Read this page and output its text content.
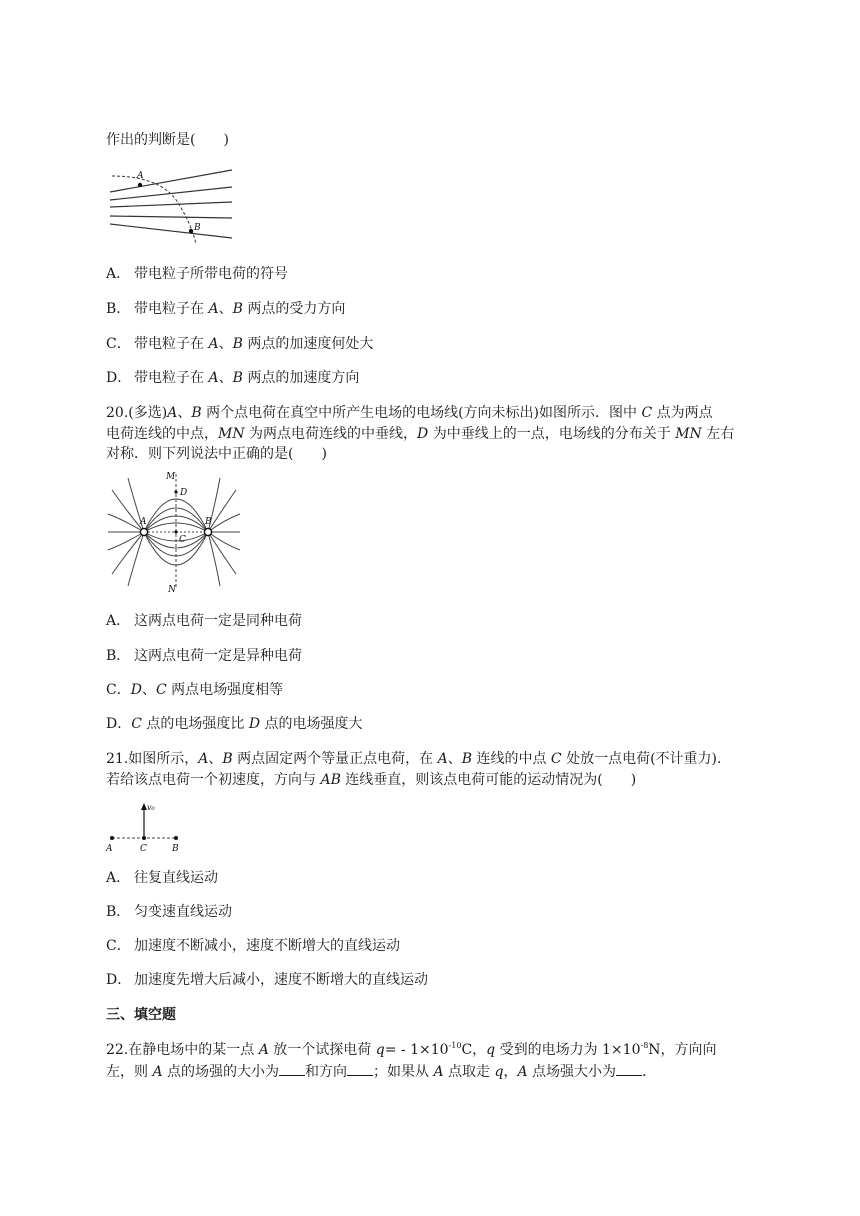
作出的判断是(　　)
A
B
A． 带电粒子所带电荷的符号
B． 带电粒子在 A、B 两点的受力方向
C． 带电粒子在 A、B 两点的加速度何处大
D． 带电粒子在 A、B 两点的加速度方向
20.(多选)A、B 两个点电荷在真空中所产生电场的电场线(方向未标出)如图所示．图中 C 点为两点
电荷连线的中点，MN 为两点电荷连线的中垂线，D 为中垂线上的一点，电场线的分布关于 MN 左右
对称．则下列说法中正确的是(　　)
M
D
A	B
C
N
A． 这两点电荷一定是同种电荷
B． 这两点电荷一定是异种电荷
C．D、C 两点电场强度相等
D．C 点的电场强度比 D 点的电场强度大
21.如图所示，A、B 两点固定两个等量正点电荷，在 A、B 连线的中点 C 处放一点电荷(不计重力)．
若给该点电荷一个初速度，方向与 AB 连线垂直，则该点电荷可能的运动情况为(　　)
v₀
A	C	B
A． 往复直线运动
B． 匀变速直线运动
C． 加速度不断减小，速度不断增大的直线运动
D． 加速度先增大后减小，速度不断增大的直线运动
三、填空题
22.在静电场中的某一点 A 放一个试探电荷 $q= - 1\times 10^{-10}C$，q 受到的电场力为 $1\times 10^{-8}N$，方向向
左，则 A 点的场强的大小为 和方向 ；如果从 A 点取走 q，A 点场强大小为 ．
